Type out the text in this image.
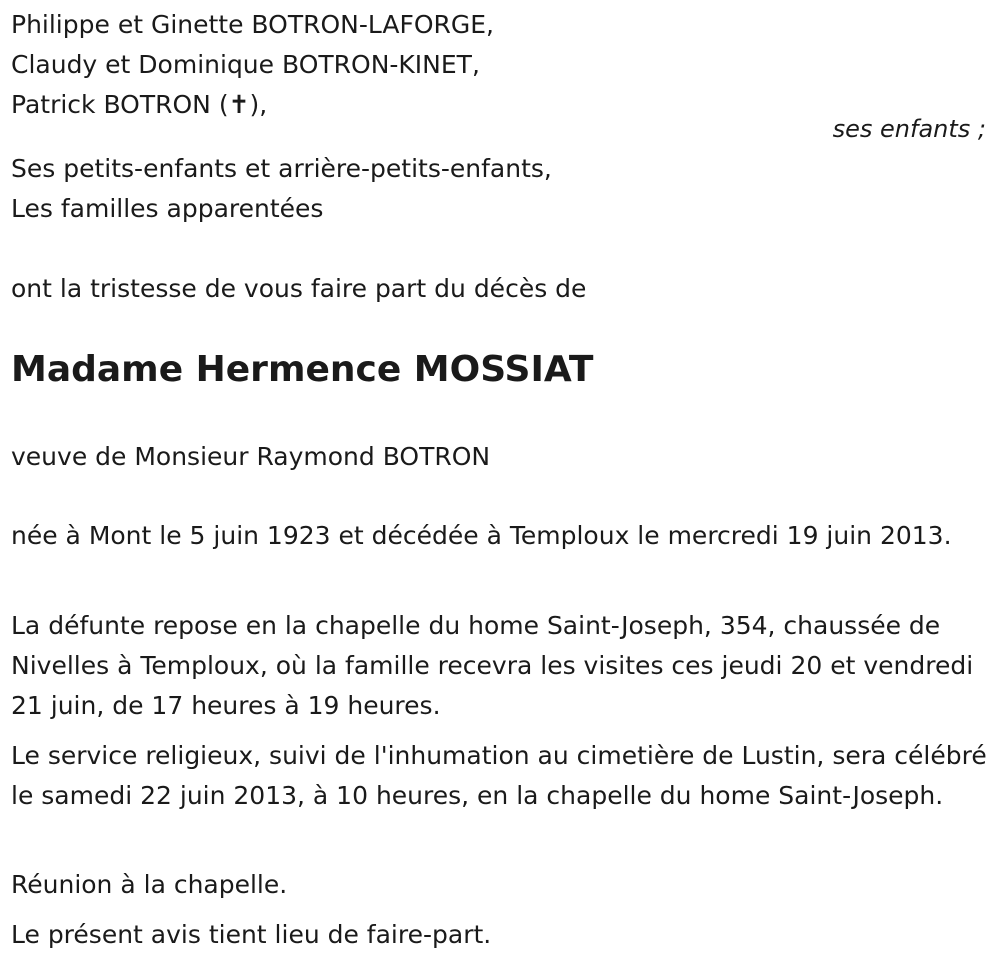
Philippe et Ginette BOTRON-LAFORGE,
Claudy et Dominique BOTRON-KINET,
Patrick BOTRON (✝),
ses enfants ;
Ses petits-enfants et arrière-petits-enfants,
Les familles apparentées
ont la tristesse de vous faire part du décès de
Madame Hermence MOSSIAT
veuve de Monsieur Raymond BOTRON
née à Mont le 5 juin 1923 et décédée à Temploux le mercredi 19 juin 2013.
La défunte repose en la chapelle du home Saint-Joseph, 354, chaussée de Nivelles à Temploux, où la famille recevra les visites ces jeudi 20 et vendredi 21 juin, de 17 heures à 19 heures.
Le service religieux, suivi de l'inhumation au cimetière de Lustin, sera célébré le samedi 22 juin 2013, à 10 heures, en la chapelle du home Saint-Joseph.
Réunion à la chapelle.
Le présent avis tient lieu de faire-part.
